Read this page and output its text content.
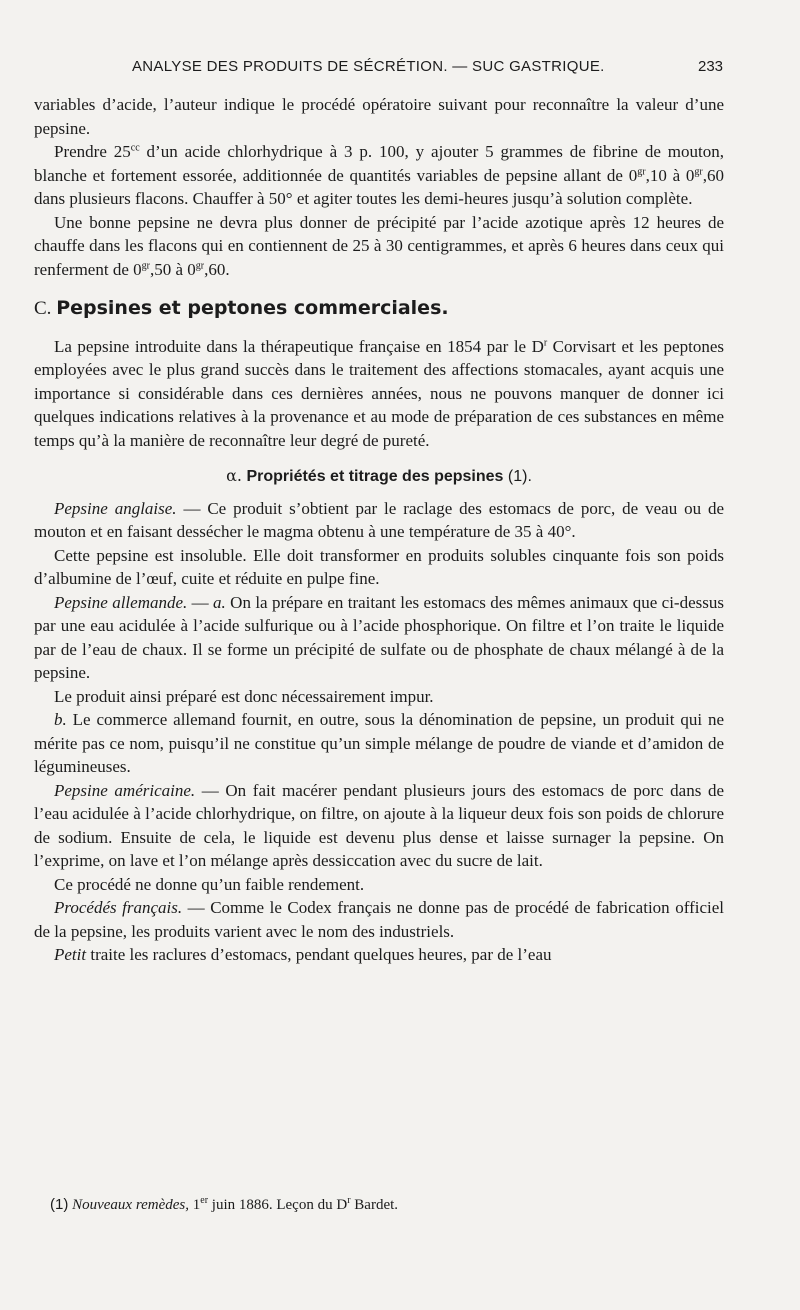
ANALYSE DES PRODUITS DE SÉCRÉTION. — SUC GASTRIQUE.	233

variables d’acide, l’auteur indique le procédé opératoire suivant pour reconnaître la valeur d’une pepsine.

Prendre $25^{cc}$ d’un acide chlorhydrique à 3 p. 100, y ajouter 5 grammes de fibrine de mouton, blanche et fortement essorée, additionnée de quantités variables de pepsine allant de $0^{gr},10$ à $0^{gr},60$ dans plusieurs flacons. Chauffer à 50° et agiter toutes les demi-heures jusqu’à solution complète.

Une bonne pepsine ne devra plus donner de précipité par l’acide azotique après 12 heures de chauffe dans les flacons qui en contiennent de 25 à 30 centigrammes, et après 6 heures dans ceux qui renferment de $0^{gr},50$ à $0^{gr},60$.

C. Pepsines et peptones commerciales.

La pepsine introduite dans la thérapeutique française en 1854 par le $D^r$ Corvisart et les peptones employées avec le plus grand succès dans le traitement des affections stomacales, ayant acquis une importance si considérable dans ces dernières années, nous ne pouvons manquer de donner ici quelques indications relatives à la provenance et au mode de préparation de ces substances en même temps qu’à la manière de reconnaître leur degré de pureté.

α. Propriétés et titrage des pepsines (1).

Pepsine anglaise. — Ce produit s’obtient par le raclage des estomacs de porc, de veau ou de mouton et en faisant dessécher le magma obtenu à une température de 35 à 40°.

Cette pepsine est insoluble. Elle doit transformer en produits solubles cinquante fois son poids d’albumine de l’œuf, cuite et réduite en pulpe fine.

Pepsine allemande. — a. On la prépare en traitant les estomacs des mêmes animaux que ci-dessus par une eau acidulée à l’acide sulfurique ou à l’acide phosphorique. On filtre et l’on traite le liquide par de l’eau de chaux. Il se forme un précipité de sulfate ou de phosphate de chaux mélangé à de la pepsine.

Le produit ainsi préparé est donc nécessairement impur.

b. Le commerce allemand fournit, en outre, sous la dénomination de pepsine, un produit qui ne mérite pas ce nom, puisqu’il ne constitue qu’un simple mélange de poudre de viande et d’amidon de légumineuses.

Pepsine américaine. — On fait macérer pendant plusieurs jours des estomacs de porc dans de l’eau acidulée à l’acide chlorhydrique, on filtre, on ajoute à la liqueur deux fois son poids de chlorure de sodium. Ensuite de cela, le liquide est devenu plus dense et laisse surnager la pepsine. On l’exprime, on lave et l’on mélange après dessiccation avec du sucre de lait.

Ce procédé ne donne qu’un faible rendement.

Procédés français. — Comme le Codex français ne donne pas de procédé de fabrication officiel de la pepsine, les produits varient avec le nom des industriels.

Petit traite les raclures d’estomacs, pendant quelques heures, par de l’eau

(1) Nouveaux remèdes, 1er juin 1886. Leçon du $D^r$ Bardet.
